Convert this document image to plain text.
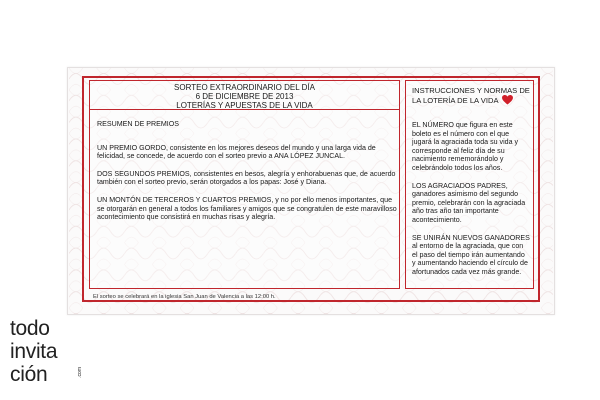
SORTEO EXTRAORDINARIO DEL DÍA
6 DE DICIEMBRE DE 2013
LOTERÍAS Y APUESTAS DE LA VIDA

RESUMEN DE PREMIOS

UN PREMIO GORDO, consistente en los mejores deseos del mundo y una larga vida de felicidad, se concede, de acuerdo con el sorteo previo a ANA LÓPEZ JUNCAL.

DOS SEGUNDOS PREMIOS, consistentes en besos, alegría y enhorabuenas que, de acuerdo también con el sorteo previo, serán otorgados a los papas: José y Diana.

UN MONTÓN DE TERCEROS Y CUARTOS PREMIOS, y no por ello menos importantes, que se otorgarán en general a todos los familiares y amigos que se congratulen de este maravilloso acontecimiento que consistirá en muchas risas y alegría.

INSTRUCCIONES Y NORMAS DE LA LOTERÍA DE LA VIDA

EL NÚMERO que figura en este boleto es el número con el que jugará la agraciada toda su vida y corresponde al feliz día de su nacimiento rememorándolo y celebrándolo todos los años.

LOS AGRACIADOS PADRES, ganadores asimismo del segundo premio, celebrarán con la agraciada año tras año tan importante acontecimiento.

SE UNIRÁN NUEVOS GANADORES al entorno de la agraciada, que con el paso del tiempo irán aumentando y aumentando haciendo el círculo de afortunados cada vez más grande.

El sorteo se celebrará en la iglesia San Juan de Valencia a las 12:00 h.
todo
invita
ción	.com
